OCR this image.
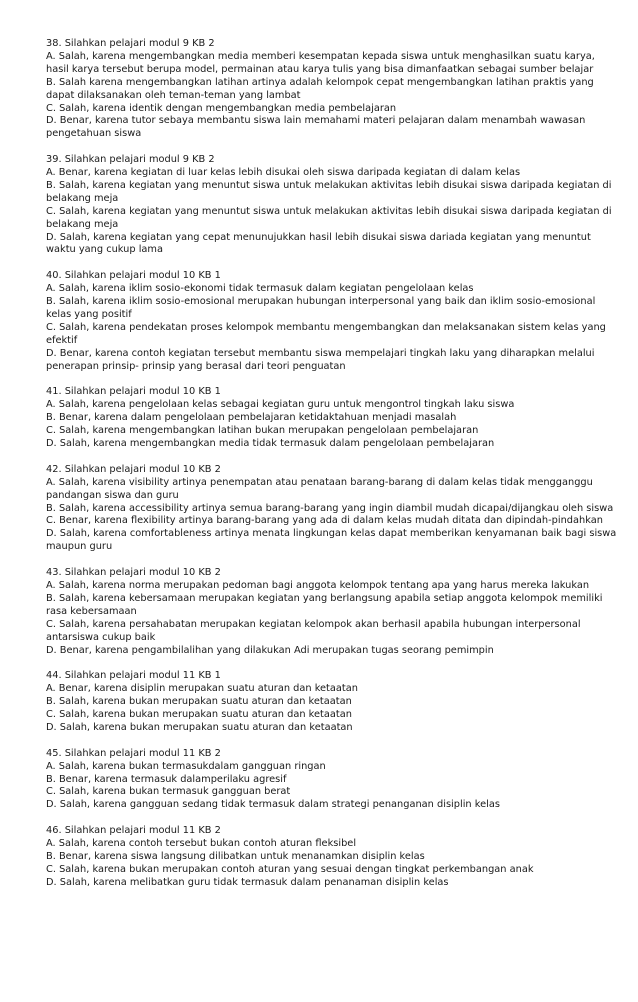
38. Silahkan pelajari modul 9 KB 2

A. Salah, karena mengembangkan media memberi kesempatan kepada siswa untuk menghasilkan suatu karya, hasil karya tersebut berupa model, permainan atau karya tulis yang bisa dimanfaatkan sebagai sumber belajar

B. Salah karena mengembangkan latihan artinya adalah kelompok cepat mengembangkan latihan praktis yang dapat dilaksanakan oleh teman-teman yang lambat

C. Salah, karena identik dengan mengembangkan media pembelajaran

D. Benar, karena tutor sebaya membantu siswa lain memahami materi pelajaran dalam menambah wawasan pengetahuan siswa

39. Silahkan pelajari modul 9 KB 2

A. Benar, karena kegiatan di luar kelas lebih disukai oleh siswa daripada kegiatan di dalam kelas

B. Salah, karena kegiatan yang menuntut siswa untuk melakukan aktivitas lebih disukai siswa daripada kegiatan di belakang meja

C. Salah, karena kegiatan yang menuntut siswa untuk melakukan aktivitas lebih disukai siswa daripada kegiatan di belakang meja

D. Salah, karena kegiatan yang cepat menunujukkan hasil lebih disukai siswa dariada kegiatan yang menuntut waktu yang cukup lama

40. Silahkan pelajari modul 10 KB 1

A. Salah, karena iklim sosio-ekonomi tidak termasuk dalam kegiatan pengelolaan kelas

B. Salah, karena iklim sosio-emosional merupakan hubungan interpersonal yang baik dan iklim sosio-emosional kelas yang positif

C. Salah, karena pendekatan proses kelompok membantu mengembangkan dan melaksanakan sistem kelas yang efektif

D. Benar, karena contoh kegiatan tersebut membantu siswa mempelajari tingkah laku yang diharapkan melalui penerapan prinsip- prinsip yang berasal dari teori penguatan

41. Silahkan pelajari modul 10 KB 1

A. Salah, karena pengelolaan kelas sebagai kegiatan guru untuk mengontrol tingkah laku siswa

B. Benar, karena dalam pengelolaan pembelajaran ketidaktahuan menjadi masalah

C. Salah, karena mengembangkan latihan bukan merupakan pengelolaan pembelajaran

D. Salah, karena mengembangkan media tidak termasuk dalam pengelolaan pembelajaran

42. Silahkan pelajari modul 10 KB 2

A. Salah, karena visibility artinya penempatan atau penataan barang-barang di dalam kelas tidak mengganggu pandangan siswa dan guru

B. Salah, karena accessibility artinya semua barang-barang yang ingin diambil mudah dicapai/dijangkau oleh siswa

C. Benar, karena flexibility artinya barang-barang yang ada di dalam kelas mudah ditata dan dipindah-pindahkan

D. Salah, karena comfortableness artinya menata lingkungan kelas dapat memberikan kenyamanan baik bagi siswa maupun guru

43. Silahkan pelajari modul 10 KB 2

A. Salah, karena norma merupakan pedoman bagi anggota kelompok tentang apa yang harus mereka lakukan

B. Salah, karena kebersamaan merupakan kegiatan yang berlangsung apabila setiap anggota kelompok memiliki rasa kebersamaan

C. Salah, karena persahabatan merupakan kegiatan kelompok akan berhasil apabila hubungan interpersonal antarsiswa cukup baik

D. Benar, karena pengambilalihan yang dilakukan Adi merupakan tugas seorang pemimpin

44. Silahkan pelajari modul 11 KB 1

A. Benar, karena disiplin merupakan suatu aturan dan ketaatan

B. Salah, karena bukan merupakan suatu aturan dan ketaatan

C. Salah, karena bukan merupakan suatu aturan dan ketaatan

D. Salah, karena bukan merupakan suatu aturan dan ketaatan

45. Silahkan pelajari modul 11 KB 2

A. Salah, karena bukan termasukdalam gangguan ringan

B. Benar, karena termasuk dalamperilaku agresif

C. Salah, karena bukan termasuk gangguan berat

D. Salah, karena gangguan sedang tidak termasuk dalam strategi penanganan disiplin kelas

46. Silahkan pelajari modul 11 KB 2

A. Salah, karena contoh tersebut bukan contoh aturan fleksibel

B. Benar, karena siswa langsung dilibatkan untuk menanamkan disiplin kelas

C. Salah, karena bukan merupakan contoh aturan yang sesuai dengan tingkat perkembangan anak

D. Salah, karena melibatkan guru tidak termasuk dalam penanaman disiplin kelas
